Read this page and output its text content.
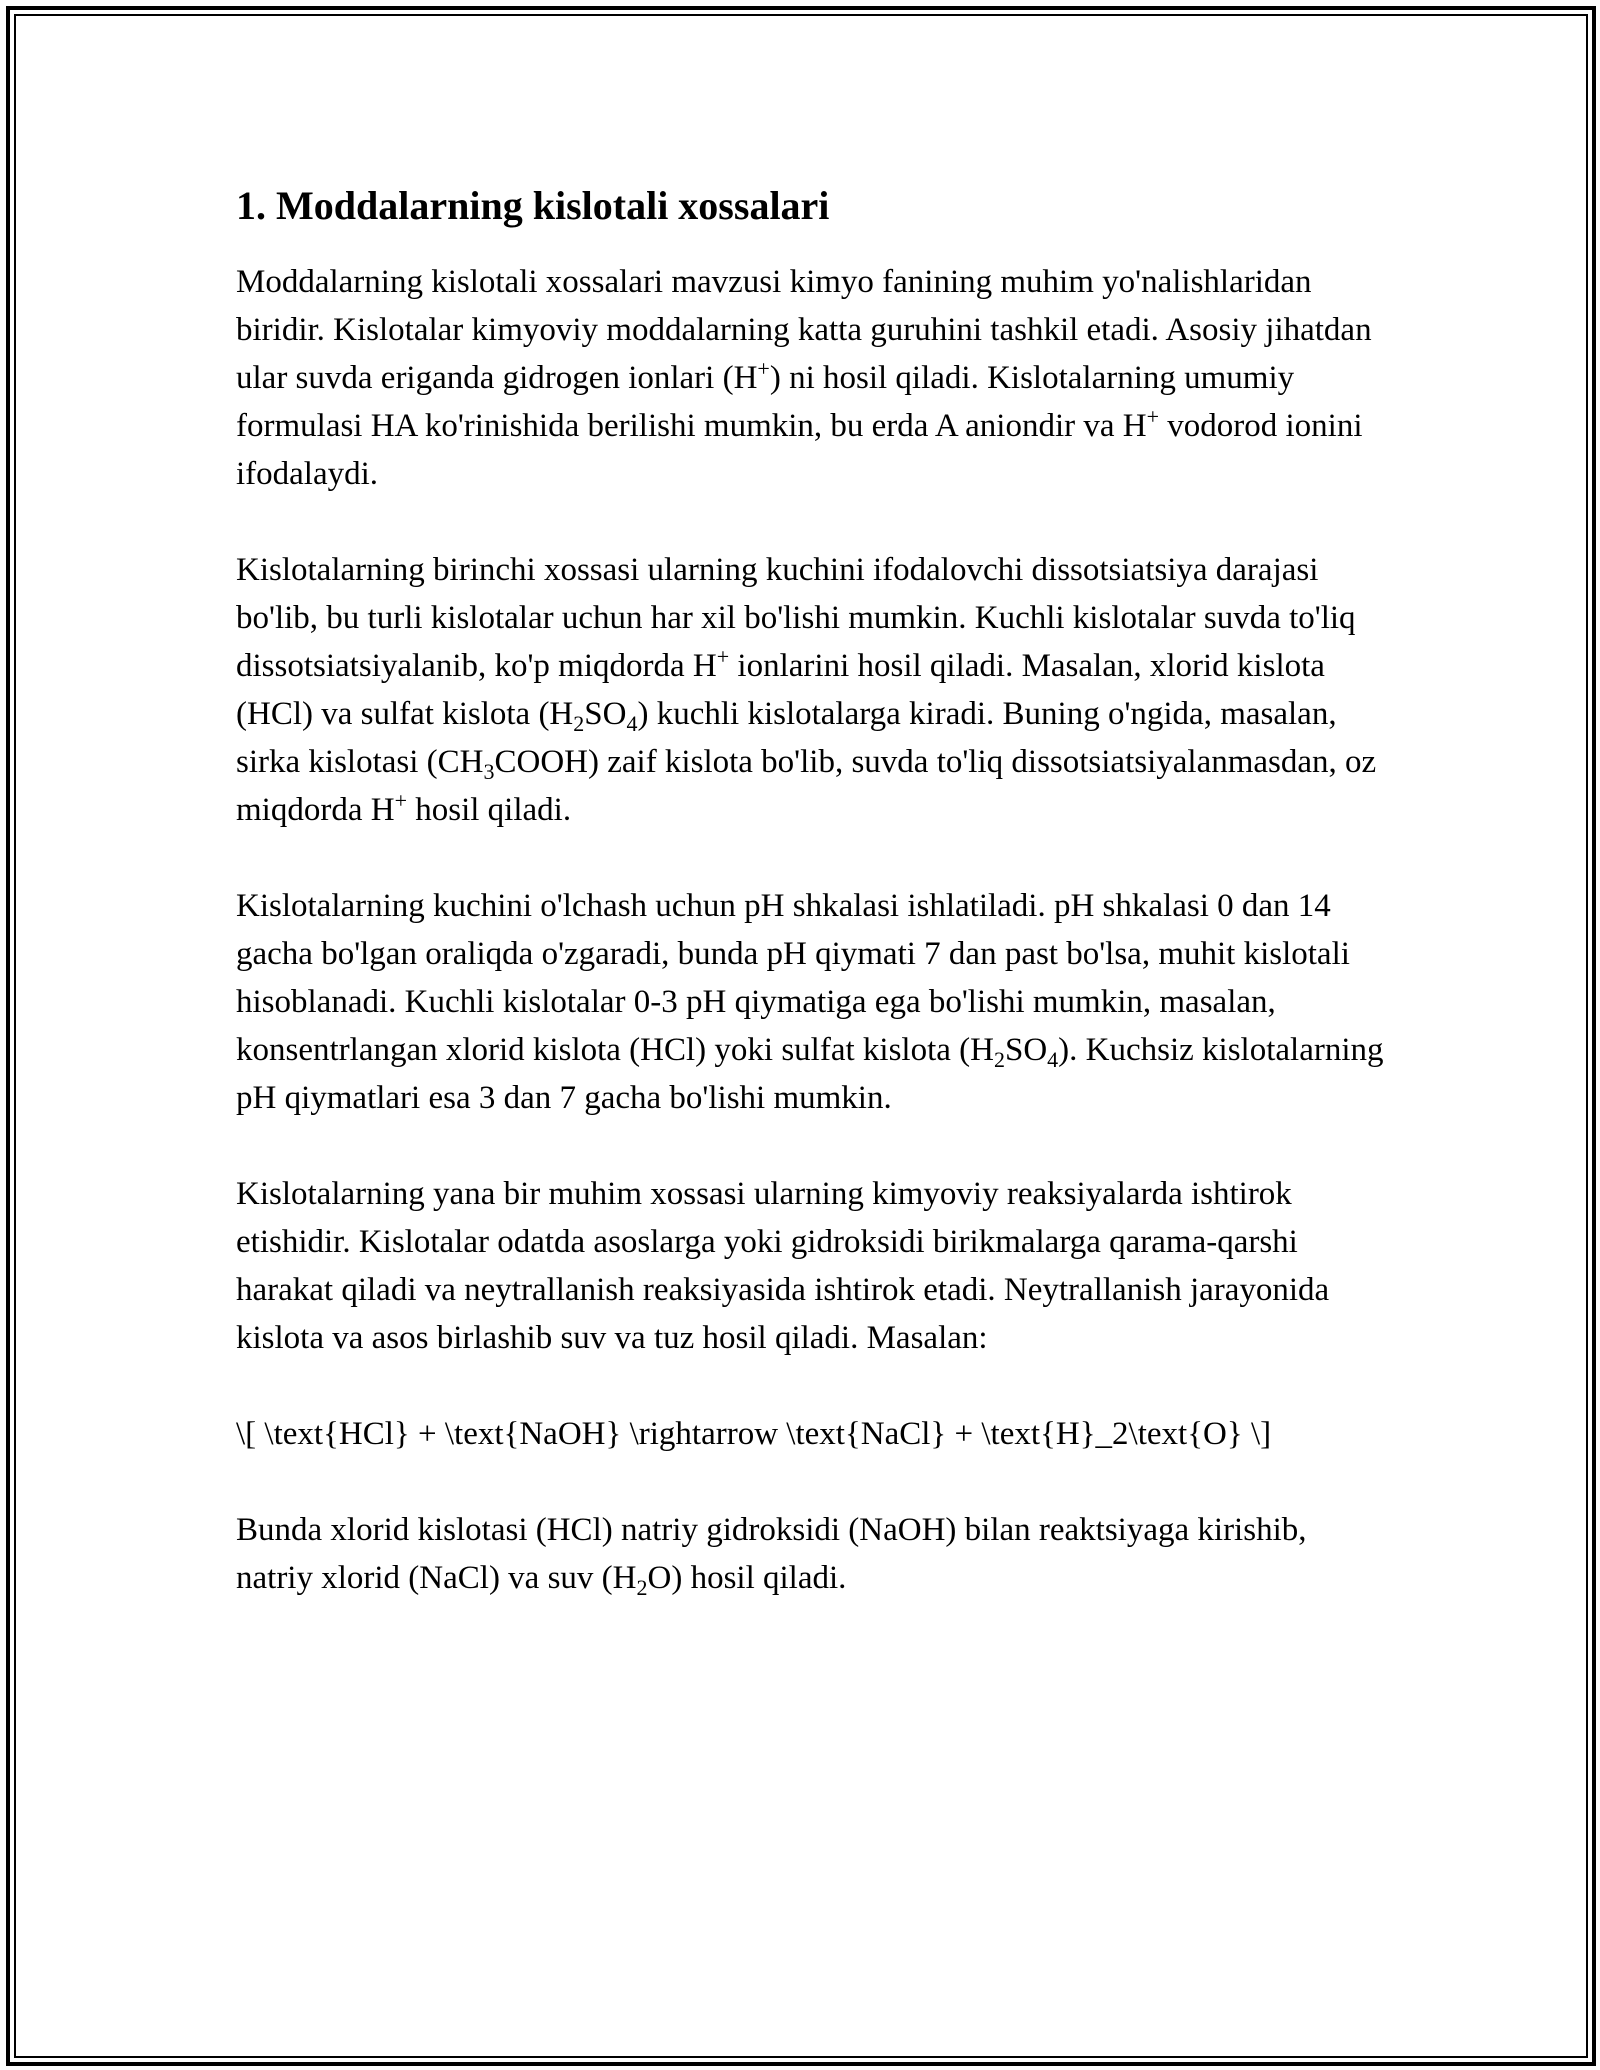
1. Moddalarning kislotali xossalari

Moddalarning kislotali xossalari mavzusi kimyo fanining muhim yo'nalishlaridan biridir. Kislotalar kimyoviy moddalarning katta guruhini tashkil etadi. Asosiy jihatdan ular suvda eriganda gidrogen ionlari (H+) ni hosil qiladi. Kislotalarning umumiy formulasi HA ko'rinishida berilishi mumkin, bu erda A aniondir va H+ vodorod ionini ifodalaydi.

Kislotalarning birinchi xossasi ularning kuchini ifodalovchi dissotsiatsiya darajasi bo'lib, bu turli kislotalar uchun har xil bo'lishi mumkin. Kuchli kislotalar suvda to'liq dissotsiatsiyalanib, ko'p miqdorda H+ ionlarini hosil qiladi. Masalan, xlorid kislota (HCl) va sulfat kislota $(H_2SO_4)$ kuchli kislotalarga kiradi. Buning o'ngida, masalan, sirka kislotasi $(CH_3COOH)$ zaif kislota bo'lib, suvda to'liq dissotsiatsiyalanmasdan, oz miqdorda H+ hosil qiladi.

Kislotalarning kuchini o'lchash uchun pH shkalasi ishlatiladi. pH shkalasi 0 dan 14 gacha bo'lgan oraliqda o'zgaradi, bunda pH qiymati 7 dan past bo'lsa, muhit kislotali hisoblanadi. Kuchli kislotalar 0-3 pH qiymatiga ega bo'lishi mumkin, masalan, konsentrlangan xlorid kislota (HCl) yoki sulfat kislota $(H_2SO_4)$. Kuchsiz kislotalarning pH qiymatlari esa 3 dan 7 gacha bo'lishi mumkin.

Kislotalarning yana bir muhim xossasi ularning kimyoviy reaksiyalarda ishtirok etishidir. Kislotalar odatda asoslarga yoki gidroksidi birikmalarga qarama-qarshi harakat qiladi va neytrallanish reaksiyasida ishtirok etadi. Neytrallanish jarayonida kislota va asos birlashib suv va tuz hosil qiladi. Masalan:

\[ \text{HCl} + \text{NaOH} \rightarrow \text{NaCl} + \text{H}_2\text{O} \]

Bunda xlorid kislotasi (HCl) natriy gidroksidi (NaOH) bilan reaktsiyaga kirishib, natriy xlorid (NaCl) va suv $(H_2O)$ hosil qiladi.
